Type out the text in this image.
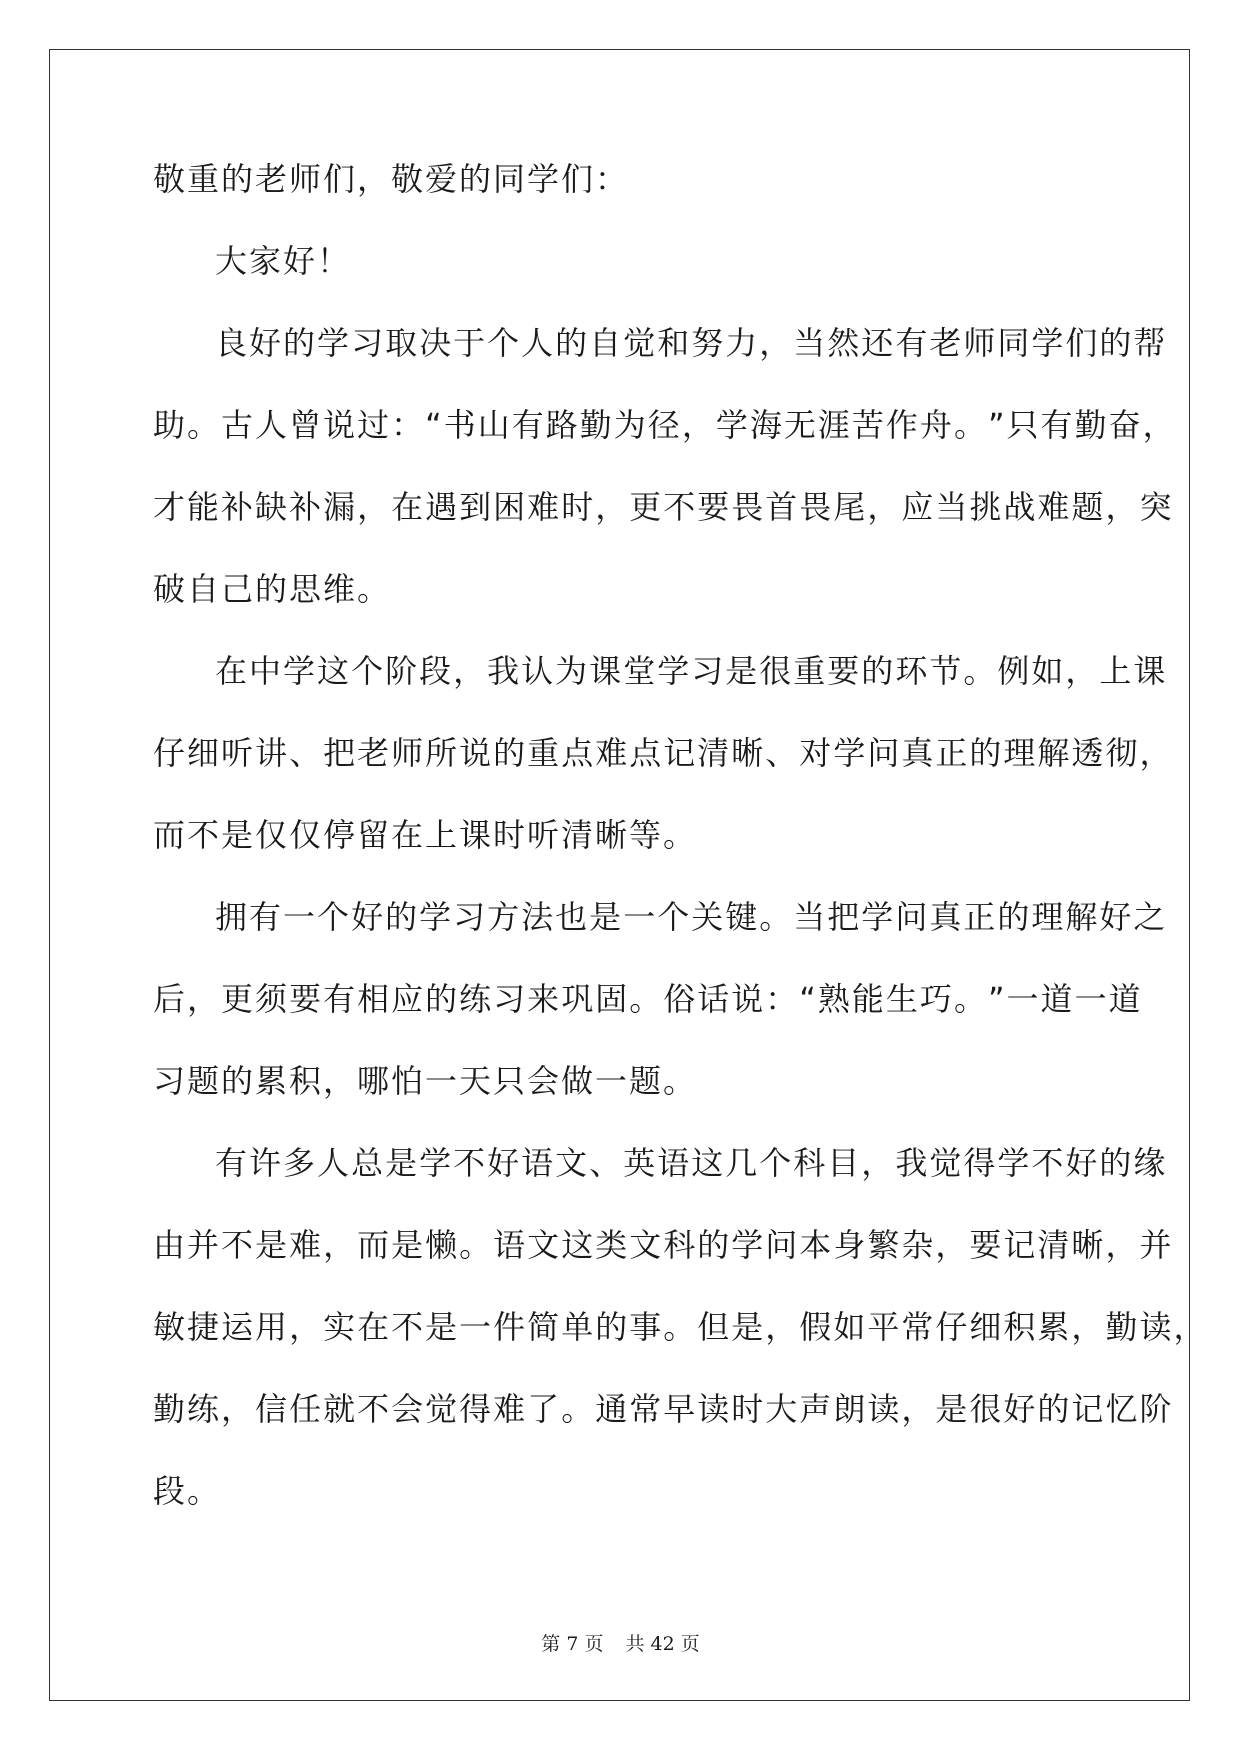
敬重的老师们，敬爱的同学们：
大家好！
良 好 的 学 习 取 决 于 个 人 的 自 觉 和 努 力 ， 当 然 还 有 老 师 同 学 们 的 帮
助 。 古 人 曾 说 过 ： “ 书 山 有 路 勤 为 径 ， 学 海 无 涯 苦 作 舟 。 ” 只 有 勤 奋 ，
才 能 补 缺 补 漏 ， 在 遇 到 困 难 时 ， 更 不 要 畏 首 畏 尾 ， 应 当 挑 战 难 题 ， 突
破自己的思维。
在 中 学 这 个 阶 段 ， 我 认 为 课 堂 学 习 是 很 重 要 的 环 节 。 例 如 ， 上 课
仔 细 听 讲 、 把 老 师 所 说 的 重 点 难 点 记 清 晰 、 对 学 问 真 正 的 理 解 透 彻 ，
而不是仅仅停留在上课时听清晰等。
拥 有 一 个 好 的 学 习 方 法 也 是 一 个 关 键 。 当 把 学 问 真 正 的 理 解 好 之
后 ， 更 须 要 有 相 应 的 练 习 来 巩 固 。 俗 话 说 ： “ 熟 能 生 巧 。 ” 一 道 一 道
习题的累积，哪怕一天只会做一题。
有 许 多 人 总 是 学 不 好 语 文 、 英 语 这 几 个 科 目 ， 我 觉 得 学 不 好 的 缘
由 并 不 是 难 ， 而 是 懒 。 语 文 这 类 文 科 的 学 问 本 身 繁 杂 ， 要 记 清 晰 ， 并
敏 捷 运 用 ， 实 在 不 是 一 件 简 单 的 事 。 但 是 ， 假 如 平 常 仔 细 积 累 ， 勤 读 ，
勤 练 ， 信 任 就 不 会 觉 得 难 了 。 通 常 早 读 时 大 声 朗 读 ， 是 很 好 的 记 忆 阶
段。
第 7 页 共 42 页
